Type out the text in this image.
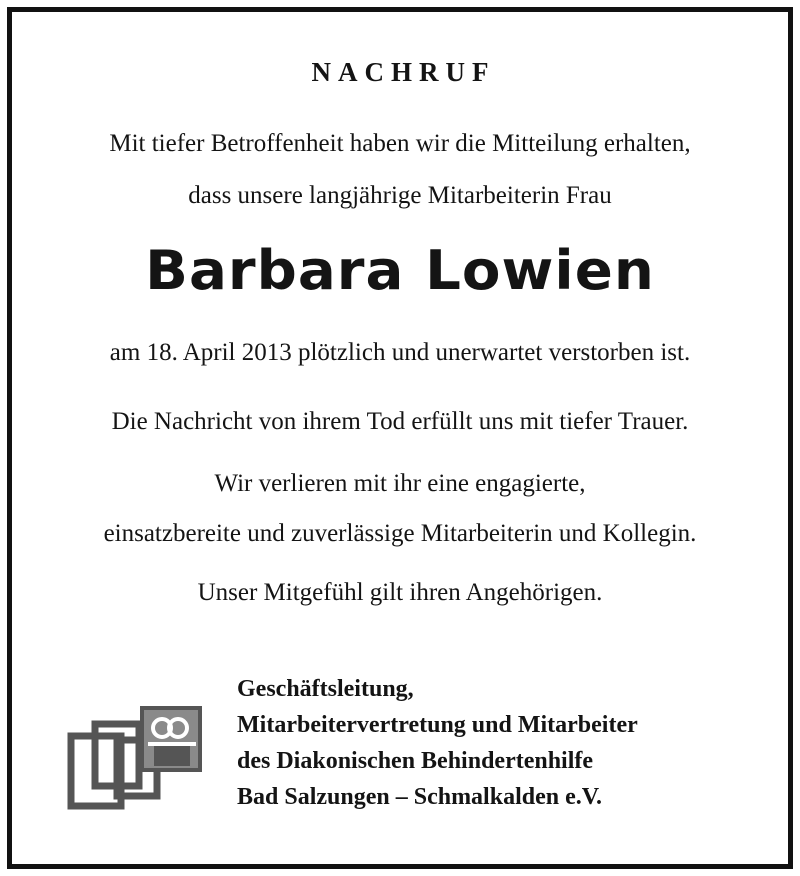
NACHRUF
Mit tiefer Betroffenheit haben wir die Mitteilung erhalten,
dass unsere langjährige Mitarbeiterin Frau
Barbara Lowien
am 18. April 2013 plötzlich und unerwartet verstorben ist.
Die Nachricht von ihrem Tod erfüllt uns mit tiefer Trauer.
Wir verlieren mit ihr eine engagierte,
einsatzbereite und zuverlässige Mitarbeiterin und Kollegin.
Unser Mitgefühl gilt ihren Angehörigen.
Geschäftsleitung,
Mitarbeitervertretung und Mitarbeiter
des Diakonischen Behindertenhilfe
Bad Salzungen – Schmalkalden e.V.
